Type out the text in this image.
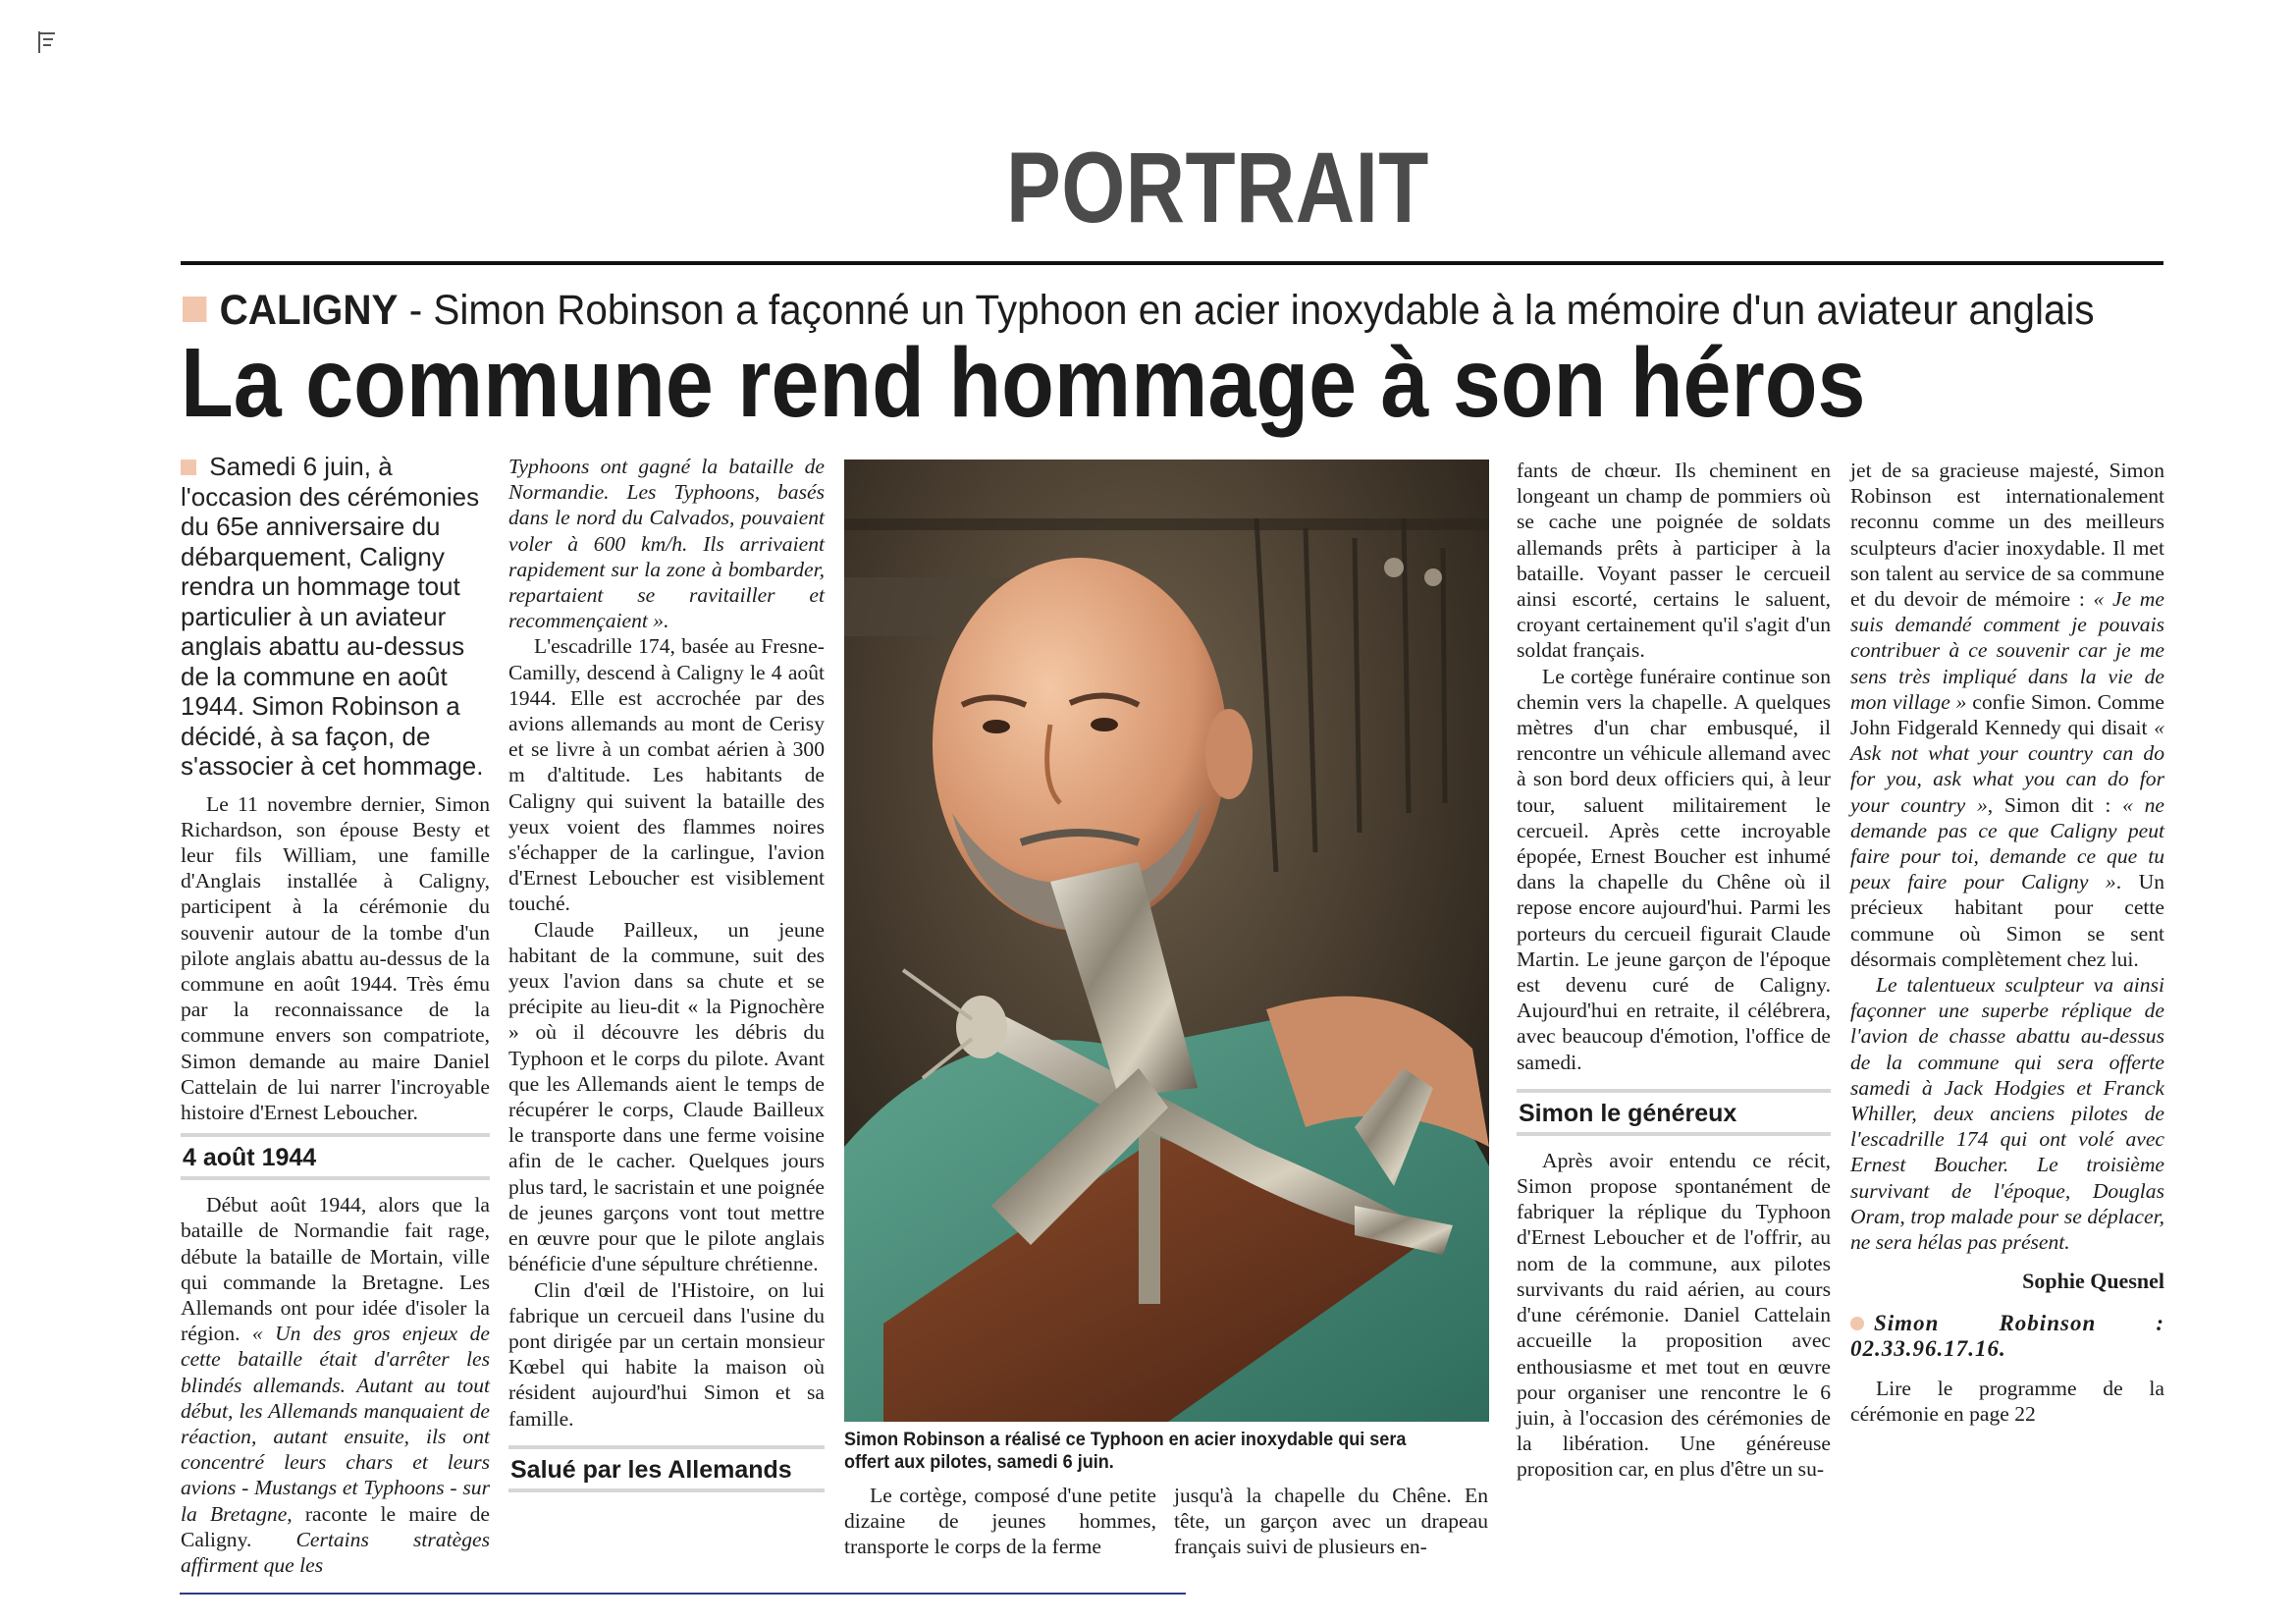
PORTRAIT
CALIGNY - Simon Robinson a façonné un Typhoon en acier inoxydable à la mémoire d'un aviateur anglais
La commune rend hommage à son héros
Samedi 6 juin, à l'occasion des cérémonies du 65e anniversaire du débarquement, Caligny rendra un hommage tout particulier à un aviateur anglais abattu au-dessus de la commune en août 1944. Simon Robinson a décidé, à sa façon, de s'associer à cet hommage.

Le 11 novembre dernier, Simon Richardson, son épouse Besty et leur fils William, une famille d'Anglais installée à Caligny, participent à la cérémonie du souvenir autour de la tombe d'un pilote anglais abattu au-dessus de la commune en août 1944. Très ému par la reconnaissance de la commune envers son compatriote, Simon demande au maire Daniel Cattelain de lui narrer l'incroyable histoire d'Ernest Leboucher.

4 août 1944

Début août 1944, alors que la bataille de Normandie fait rage, débute la bataille de Mortain, ville qui commande la Bretagne. Les Allemands ont pour idée d'isoler la région. « Un des gros enjeux de cette bataille était d'arrêter les blindés allemands. Autant au tout début, les Allemands manquaient de réaction, autant ensuite, ils ont concentré leurs chars et leurs avions - Mustangs et Typhoons - sur la Bretagne, raconte le maire de Caligny. Certains stratèges affirment que les

Typhoons ont gagné la bataille de Normandie. Les Typhoons, basés dans le nord du Calvados, pouvaient voler à 600 km/h. Ils arrivaient rapidement sur la zone à bombarder, repartaient se ravitailler et recommençaient ».

L'escadrille 174, basée au Fresne-Camilly, descend à Caligny le 4 août 1944. Elle est accrochée par des avions allemands au mont de Cerisy et se livre à un combat aérien à 300 m d'altitude. Les habitants de Caligny qui suivent la bataille des yeux voient des flammes noires s'échapper de la carlingue, l'avion d'Ernest Leboucher est visiblement touché.

Claude Pailleux, un jeune habitant de la commune, suit des yeux l'avion dans sa chute et se précipite au lieu-dit « la Pignochère » où il découvre les débris du Typhoon et le corps du pilote. Avant que les Allemands aient le temps de récupérer le corps, Claude Bailleux le transporte dans une ferme voisine afin de le cacher. Quelques jours plus tard, le sacristain et une poignée de jeunes garçons vont tout mettre en œuvre pour que le pilote anglais bénéficie d'une sépulture chrétienne.

Clin d'œil de l'Histoire, on lui fabrique un cercueil dans l'usine du pont dirigée par un certain monsieur Kœbel qui habite la maison où résident aujourd'hui Simon et sa famille.

Salué par les Allemands
Simon Robinson a réalisé ce Typhoon en acier inoxydable qui sera offert aux pilotes, samedi 6 juin.

Le cortège, composé d'une petite dizaine de jeunes hommes, transporte le corps de la ferme

jusqu'à la chapelle du Chêne. En tête, un garçon avec un drapeau français suivi de plusieurs en-

fants de chœur. Ils cheminent en longeant un champ de pommiers où se cache une poignée de soldats allemands prêts à participer à la bataille. Voyant passer le cercueil ainsi escorté, certains le saluent, croyant certainement qu'il s'agit d'un soldat français.

Le cortège funéraire continue son chemin vers la chapelle. A quelques mètres d'un char embusqué, il rencontre un véhicule allemand avec à son bord deux officiers qui, à leur tour, saluent militairement le cercueil. Après cette incroyable épopée, Ernest Boucher est inhumé dans la chapelle du Chêne où il repose encore aujourd'hui. Parmi les porteurs du cercueil figurait Claude Martin. Le jeune garçon de l'époque est devenu curé de Caligny. Aujourd'hui en retraite, il célébrera, avec beaucoup d'émotion, l'office de samedi.

Simon le généreux

Après avoir entendu ce récit, Simon propose spontanément de fabriquer la réplique du Typhoon d'Ernest Leboucher et de l'offrir, au nom de la commune, aux pilotes survivants du raid aérien, au cours d'une cérémonie. Daniel Cattelain accueille la proposition avec enthousiasme et met tout en œuvre pour organiser une rencontre le 6 juin, à l'occasion des cérémonies de la libération. Une généreuse proposition car, en plus d'être un su-

jet de sa gracieuse majesté, Simon Robinson est internationalement reconnu comme un des meilleurs sculpteurs d'acier inoxydable. Il met son talent au service de sa commune et du devoir de mémoire : « Je me suis demandé comment je pouvais contribuer à ce souvenir car je me sens très impliqué dans la vie de mon village » confie Simon. Comme John Fidgerald Kennedy qui disait « Ask not what your country can do for you, ask what you can do for your country », Simon dit : « ne demande pas ce que Caligny peut faire pour toi, demande ce que tu peux faire pour Caligny ». Un précieux habitant pour cette commune où Simon se sent désormais complètement chez lui.

Le talentueux sculpteur va ainsi façonner une superbe réplique de l'avion de chasse abattu au-dessus de la commune qui sera offerte samedi à Jack Hodgies et Franck Whiller, deux anciens pilotes de l'escadrille 174 qui ont volé avec Ernest Boucher. Le troisième survivant de l'époque, Douglas Oram, trop malade pour se déplacer, ne sera hélas pas présent.

Sophie Quesnel
Simon Robinson : 02.33.96.17.16.

Lire le programme de la cérémonie en page 22
